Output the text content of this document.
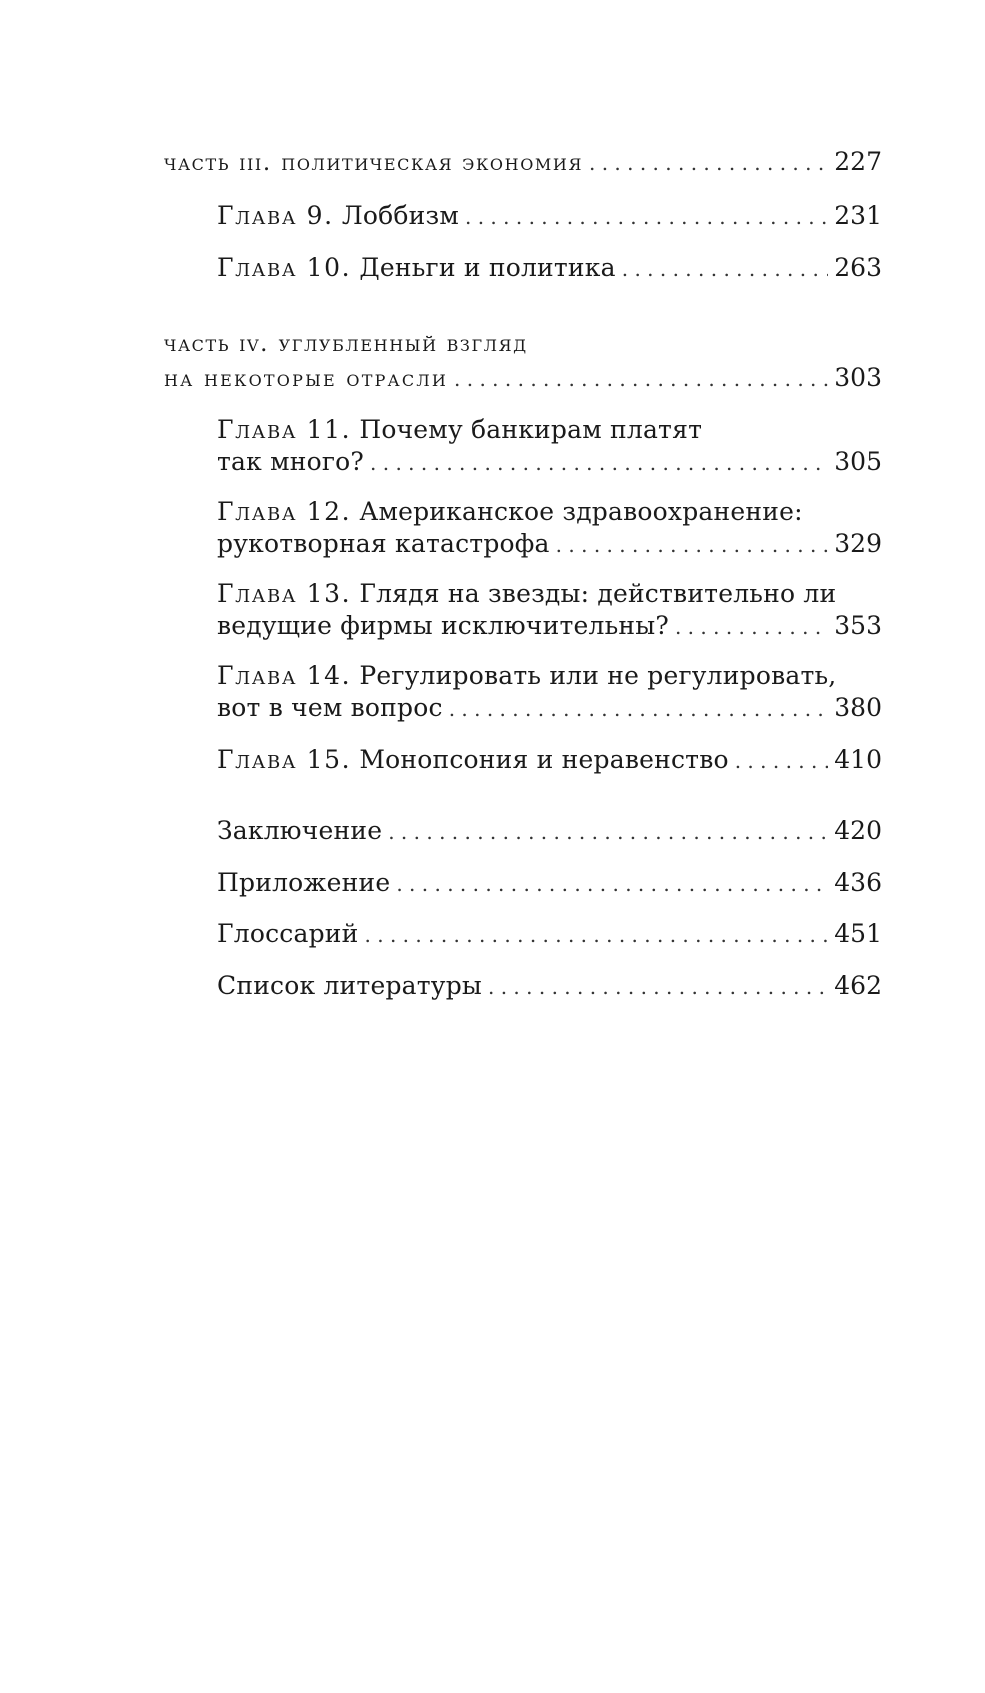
часть iii. политическая экономия . . .	227
Глава 9. Лоббизм . . .	231
Глава 10. Деньги и политика . . .	263
часть iv. углубленный взгляд
на некоторые отрасли . . .	303
Глава 11. Почему банкирам платят
так много? . . .	305
Глава 12. Американское здравоохранение:
рукотворная катастрофа . . .	329
Глава 13. Глядя на звезды: действительно ли
ведущие фирмы исключительны? . . .	353
Глава 14. Регулировать или не регулировать,
вот в чем вопрос . . .	380
Глава 15. Монопсония и неравенство . . .	410
Заключение . . .	420
Приложение . . .	436
Глоссарий . . .	451
Список литературы . . .	462
